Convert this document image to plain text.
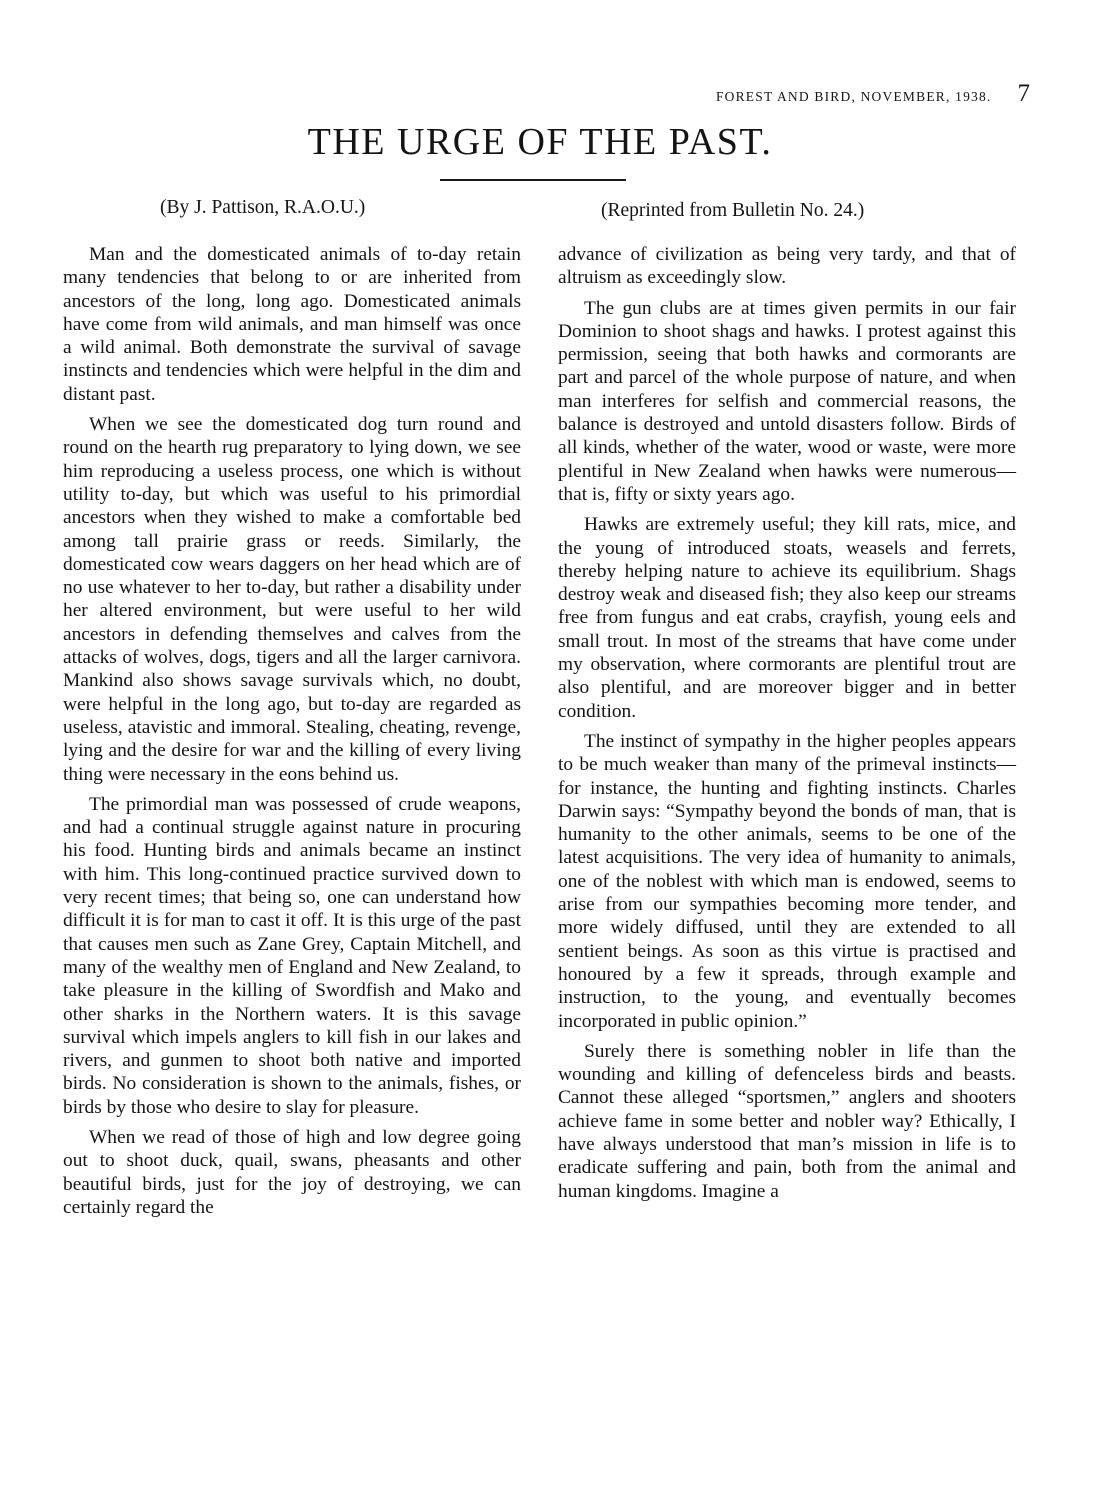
FOREST AND BIRD, NOVEMBER, 1938. 7
THE URGE OF THE PAST.
(By J. Pattison, R.A.O.U.)	(Reprinted from Bulletin No. 24.)

Man and the domesticated animals of to-day retain many tendencies that belong to or are inherited from ancestors of the long, long ago. Domesticated animals have come from wild animals, and man himself was once a wild animal. Both demonstrate the survival of savage instincts and tendencies which were helpful in the dim and distant past.

When we see the domesticated dog turn round and round on the hearth rug preparatory to lying down, we see him reproducing a useless process, one which is without utility to-day, but which was useful to his primordial ancestors when they wished to make a comfortable bed among tall prairie grass or reeds. Similarly, the domesticated cow wears daggers on her head which are of no use whatever to her to-day, but rather a disability under her altered environment, but were useful to her wild ancestors in defending themselves and calves from the attacks of wolves, dogs, tigers and all the larger carnivora. Mankind also shows savage survivals which, no doubt, were helpful in the long ago, but to-day are regarded as useless, atavistic and immoral. Stealing, cheating, revenge, lying and the desire for war and the killing of every living thing were necessary in the eons behind us.

The primordial man was possessed of crude weapons, and had a continual struggle against nature in procuring his food. Hunting birds and animals became an instinct with him. This long-continued practice survived down to very recent times; that being so, one can understand how difficult it is for man to cast it off. It is this urge of the past that causes men such as Zane Grey, Captain Mitchell, and many of the wealthy men of England and New Zealand, to take pleasure in the killing of Swordfish and Mako and other sharks in the Northern waters. It is this savage survival which impels anglers to kill fish in our lakes and rivers, and gunmen to shoot both native and imported birds. No consideration is shown to the animals, fishes, or birds by those who desire to slay for pleasure.

When we read of those of high and low degree going out to shoot duck, quail, swans, pheasants and other beautiful birds, just for the joy of destroying, we can certainly regard the

advance of civilization as being very tardy, and that of altruism as exceedingly slow.

The gun clubs are at times given permits in our fair Dominion to shoot shags and hawks. I protest against this permission, seeing that both hawks and cormorants are part and parcel of the whole purpose of nature, and when man interferes for selfish and commercial reasons, the balance is destroyed and untold disasters follow. Birds of all kinds, whether of the water, wood or waste, were more plentiful in New Zealand when hawks were numerous—that is, fifty or sixty years ago.

Hawks are extremely useful; they kill rats, mice, and the young of introduced stoats, weasels and ferrets, thereby helping nature to achieve its equilibrium. Shags destroy weak and diseased fish; they also keep our streams free from fungus and eat crabs, crayfish, young eels and small trout. In most of the streams that have come under my observation, where cormorants are plentiful trout are also plentiful, and are moreover bigger and in better condition.

The instinct of sympathy in the higher peoples appears to be much weaker than many of the primeval instincts—for instance, the hunting and fighting instincts. Charles Darwin says: “Sympathy beyond the bonds of man, that is humanity to the other animals, seems to be one of the latest acquisitions. The very idea of humanity to animals, one of the noblest with which man is endowed, seems to arise from our sympathies becoming more tender, and more widely diffused, until they are extended to all sentient beings. As soon as this virtue is practised and honoured by a few it spreads, through example and instruction, to the young, and eventually becomes incorporated in public opinion.”

Surely there is something nobler in life than the wounding and killing of defenceless birds and beasts. Cannot these alleged “sportsmen,” anglers and shooters achieve fame in some better and nobler way? Ethically, I have always understood that man’s mission in life is to eradicate suffering and pain, both from the animal and human kingdoms. Imagine a
